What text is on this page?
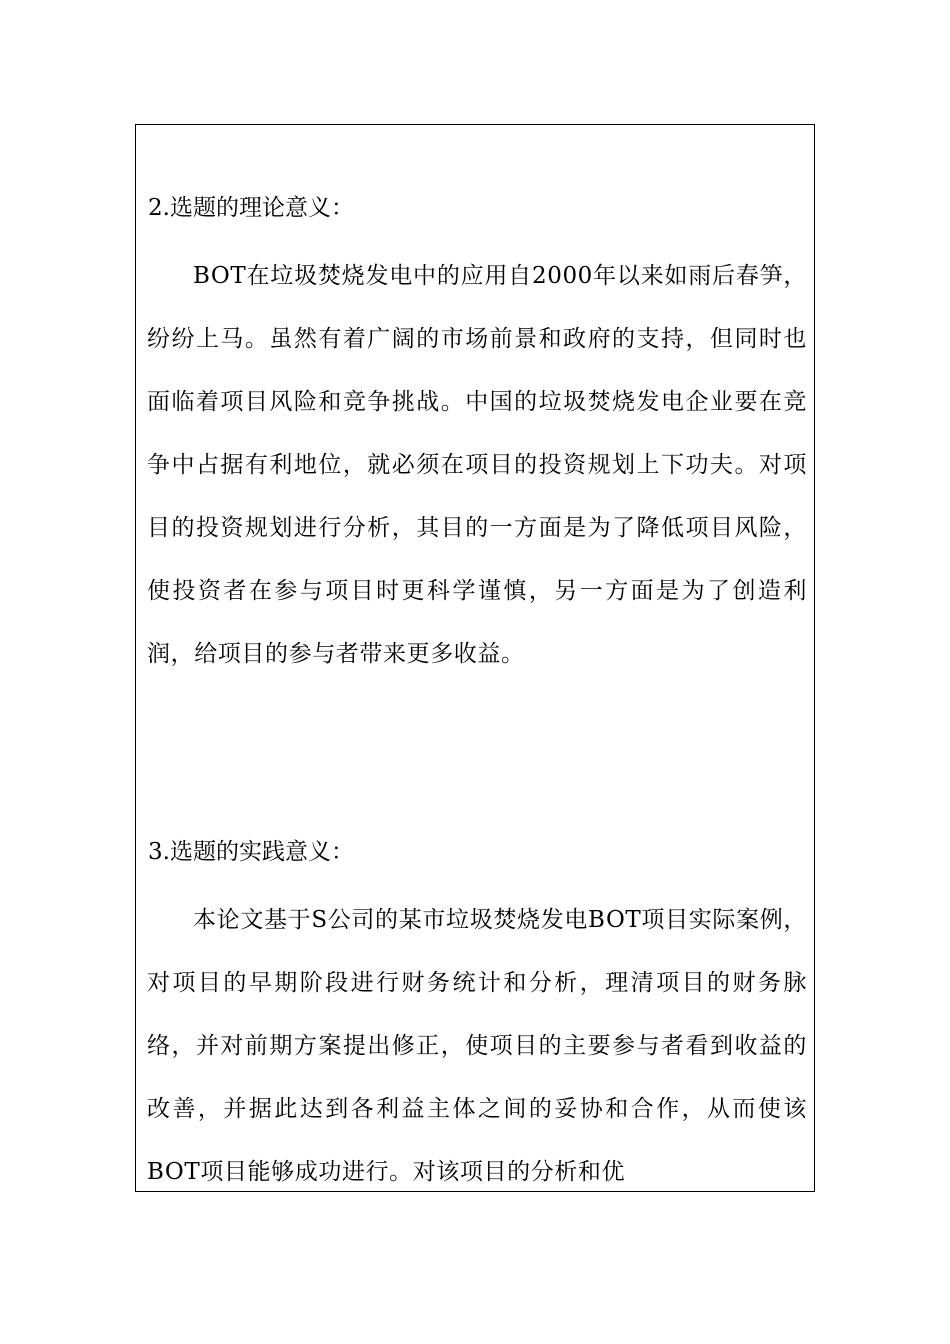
2.选题的理论意义：

BOT在垃圾焚烧发电中的应用自2000年以来如雨后春笋，纷纷上马。虽然有着广阔的市场前景和政府的支持，但同时也面临着项目风险和竞争挑战。中国的垃圾焚烧发电企业要在竞争中占据有利地位，就必须在项目的投资规划上下功夫。对项目的投资规划进行分析，其目的一方面是为了降低项目风险，使投资者在参与项目时更科学谨慎，另一方面是为了创造利润，给项目的参与者带来更多收益。

3.选题的实践意义：

本论文基于S公司的某市垃圾焚烧发电BOT项目实际案例，对项目的早期阶段进行财务统计和分析，理清项目的财务脉络，并对前期方案提出修正，使项目的主要参与者看到收益的改善，并据此达到各利益主体之间的妥协和合作，从而使该BOT项目能够成功进行。对该项目的分析和优
